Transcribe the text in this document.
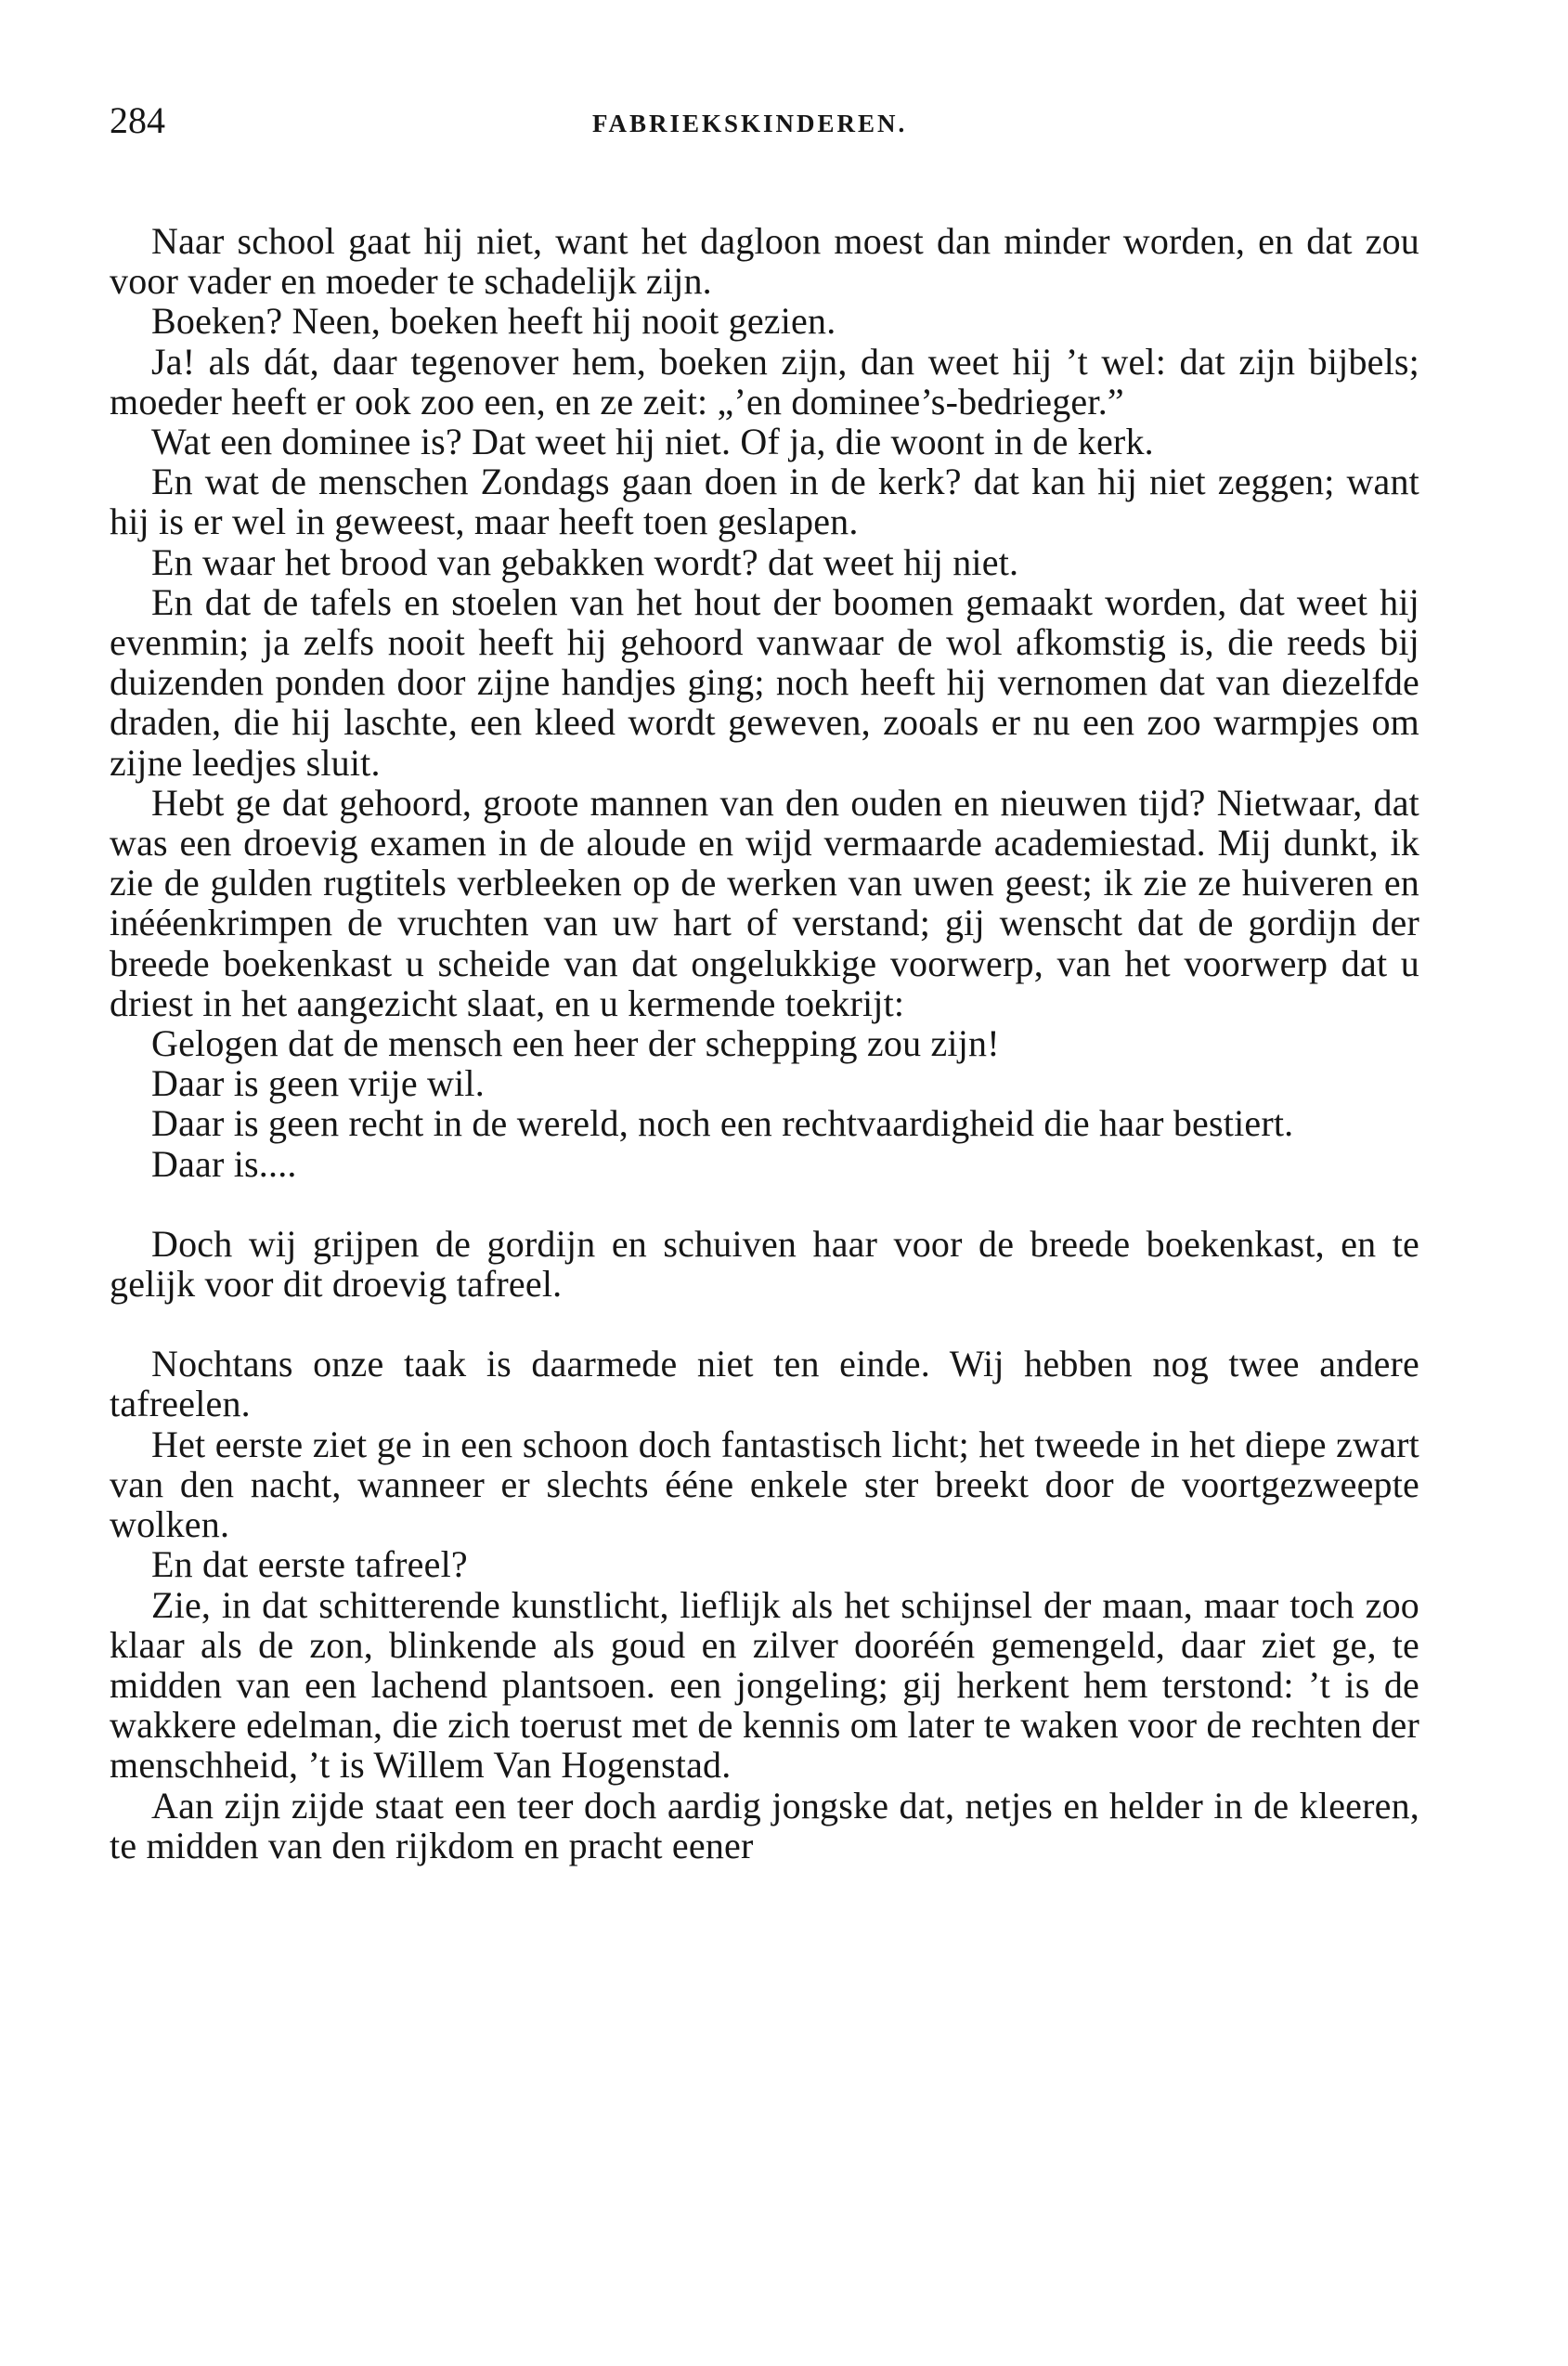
284	FABRIEKSKINDEREN.

Naar school gaat hij niet, want het dagloon moest dan minder worden, en dat zou voor vader en moeder te schadelijk zijn.

Boeken? Neen, boeken heeft hij nooit gezien.

Ja! als dát, daar tegenover hem, boeken zijn, dan weet hij ’t wel: dat zijn bijbels; moeder heeft er ook zoo een, en ze zeit: „’en dominee’s-bedrieger.”

Wat een dominee is? Dat weet hij niet. Of ja, die woont in de kerk.

En wat de menschen Zondags gaan doen in de kerk? dat kan hij niet zeggen; want hij is er wel in geweest, maar heeft toen geslapen.

En waar het brood van gebakken wordt? dat weet hij niet.

En dat de tafels en stoelen van het hout der boomen gemaakt worden, dat weet hij evenmin; ja zelfs nooit heeft hij gehoord vanwaar de wol afkomstig is, die reeds bij duizenden ponden door zijne handjes ging; noch heeft hij vernomen dat van diezelfde draden, die hij laschte, een kleed wordt geweven, zooals er nu een zoo warmpjes om zijne leedjes sluit.

Hebt ge dat gehoord, groote mannen van den ouden en nieuwen tijd? Nietwaar, dat was een droevig examen in de aloude en wijd vermaarde academiestad. Mij dunkt, ik zie de gulden rugtitels verbleeken op de werken van uwen geest; ik zie ze huiveren en inééenkrimpen de vruchten van uw hart of verstand; gij wenscht dat de gordijn der breede boekenkast u scheide van dat ongelukkige voorwerp, van het voorwerp dat u driest in het aangezicht slaat, en u kermende toekrijt:

Gelogen dat de mensch een heer der schepping zou zijn!

Daar is geen vrije wil.

Daar is geen recht in de wereld, noch een rechtvaardigheid die haar bestiert.

Daar is....

Doch wij grijpen de gordijn en schuiven haar voor de breede boekenkast, en te gelijk voor dit droevig tafreel.

Nochtans onze taak is daarmede niet ten einde. Wij hebben nog twee andere tafreelen.

Het eerste ziet ge in een schoon doch fantastisch licht; het tweede in het diepe zwart van den nacht, wanneer er slechts ééne enkele ster breekt door de voortgezweepte wolken.

En dat eerste tafreel?

Zie, in dat schitterende kunstlicht, lieflijk als het schijnsel der maan, maar toch zoo klaar als de zon, blinkende als goud en zilver dooréén gemengeld, daar ziet ge, te midden van een lachend plantsoen. een jongeling; gij herkent hem terstond: ’t is de wakkere edelman, die zich toerust met de kennis om later te waken voor de rechten der menschheid, ’t is Willem Van Hogenstad.

Aan zijn zijde staat een teer doch aardig jongske dat, netjes en helder in de kleeren, te midden van den rijkdom en pracht eener
